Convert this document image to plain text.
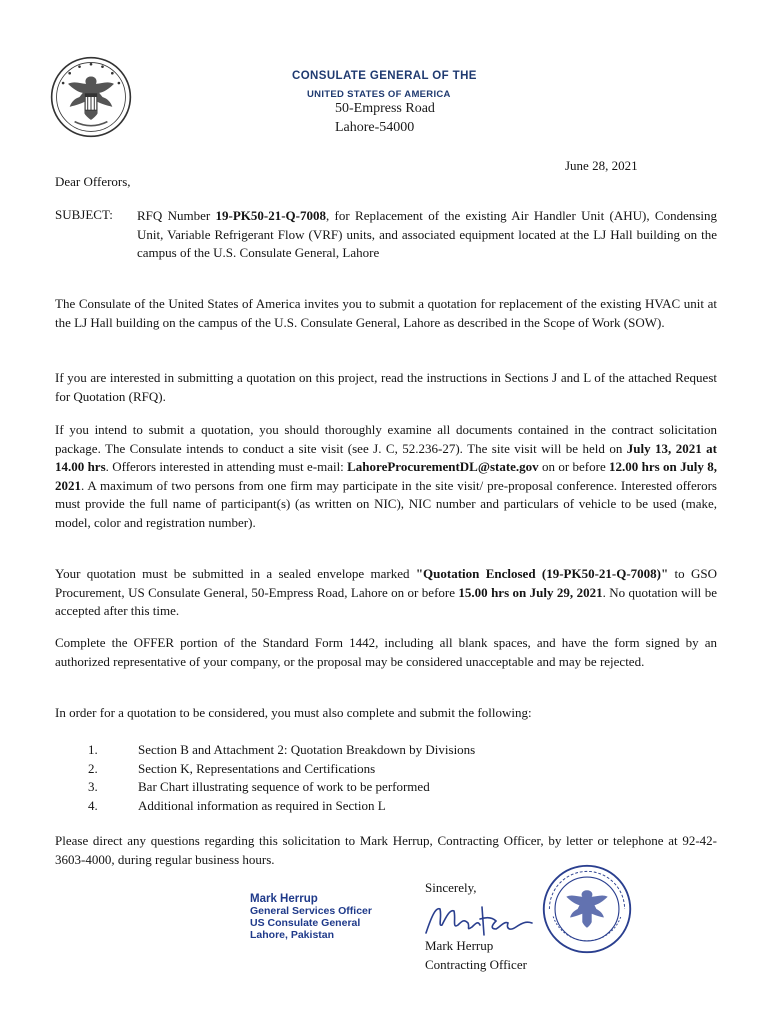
CONSULATE GENERAL OF THE
UNITED STATES OF AMERICA
50-Empress Road
Lahore-54000
June 28, 2021
Dear Offerors,
SUBJECT: RFQ Number 19-PK50-21-Q-7008, for Replacement of the existing Air Handler Unit (AHU), Condensing Unit, Variable Refrigerant Flow (VRF) units, and associated equipment located at the LJ Hall building on the campus of the U.S. Consulate General, Lahore

The Consulate of the United States of America invites you to submit a quotation for replacement of the existing HVAC unit at the LJ Hall building on the campus of the U.S. Consulate General, Lahore as described in the Scope of Work (SOW).

If you are interested in submitting a quotation on this project, read the instructions in Sections J and L of the attached Request for Quotation (RFQ).

If you intend to submit a quotation, you should thoroughly examine all documents contained in the contract solicitation package. The Consulate intends to conduct a site visit (see J. C, 52.236-27). The site visit will be held on July 13, 2021 at 14.00 hrs. Offerors interested in attending must e-mail: LahoreProcurementDL@state.gov on or before 12.00 hrs on July 8, 2021. A maximum of two persons from one firm may participate in the site visit/ pre-proposal conference. Interested offerors must provide the full name of participant(s) (as written on NIC), NIC number and particulars of vehicle to be used (make, model, color and registration number).

Your quotation must be submitted in a sealed envelope marked "Quotation Enclosed (19-PK50-21-Q-7008)" to GSO Procurement, US Consulate General, 50-Empress Road, Lahore on or before 15.00 hrs on July 29, 2021. No quotation will be accepted after this time.

Complete the OFFER portion of the Standard Form 1442, including all blank spaces, and have the form signed by an authorized representative of your company, or the proposal may be considered unacceptable and may be rejected.

In order for a quotation to be considered, you must also complete and submit the following:

1.	Section B and Attachment 2: Quotation Breakdown by Divisions
2.	Section K, Representations and Certifications
3.	Bar Chart illustrating sequence of work to be performed
4.	Additional information as required in Section L

Please direct any questions regarding this solicitation to Mark Herrup, Contracting Officer, by letter or telephone at 92-42-3603-4000, during regular business hours.

Mark Herrup
General Services Officer
US Consulate General
Lahore, Pakistan
Sincerely,
Mark Herrup
Contracting Officer
